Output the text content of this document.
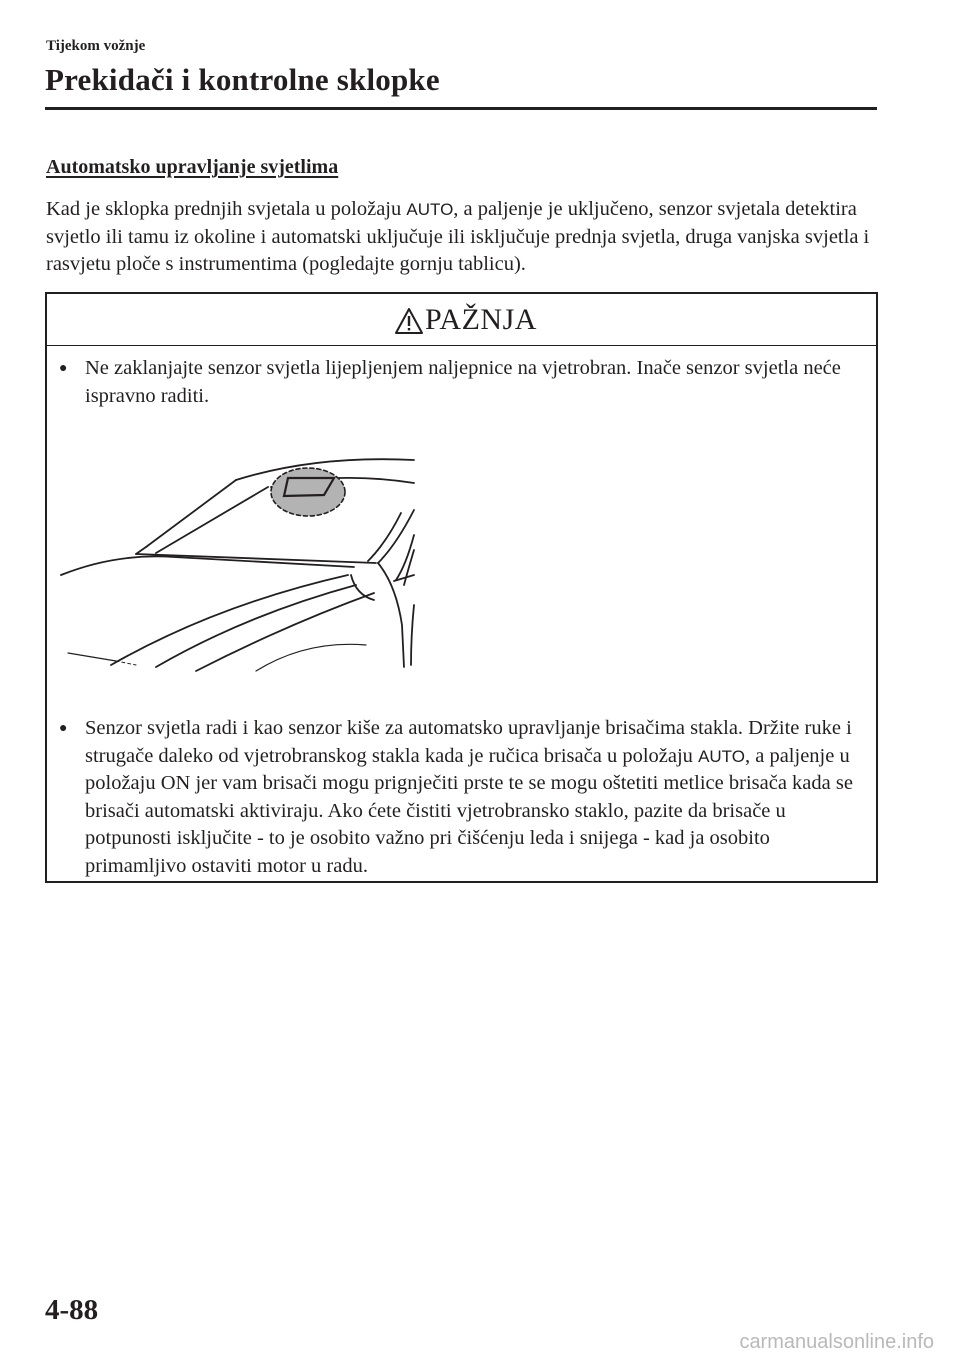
Tijekom vožnje
Prekidači i kontrolne sklopke
Automatsko upravljanje svjetlima

Kad je sklopka prednjih svjetala u položaju AUTO, a paljenje je uključeno, senzor svjetala detektira svjetlo ili tamu iz okoline i automatski uključuje ili isključuje prednja svjetla, druga vanjska svjetla i rasvjetu ploče s instrumentima (pogledajte gornju tablicu).

PAŽNJA
● Ne zaklanjajte senzor svjetla lijepljenjem naljepnice na vjetrobran. Inače senzor svjetla neće ispravno raditi.
● Senzor svjetla radi i kao senzor kiše za automatsko upravljanje brisačima stakla. Držite ruke i strugače daleko od vjetrobranskog stakla kada je ručica brisača u položaju AUTO, a paljenje u položaju ON jer vam brisači mogu prignječiti prste te se mogu oštetiti metlice brisača kada se brisači automatski aktiviraju. Ako ćete čistiti vjetrobransko staklo, pazite da brisače u potpunosti isključite - to je osobito važno pri čišćenju leda i snijega - kad ja osobito primamljivo ostaviti motor u radu.
4-88
carmanualsonline.info
